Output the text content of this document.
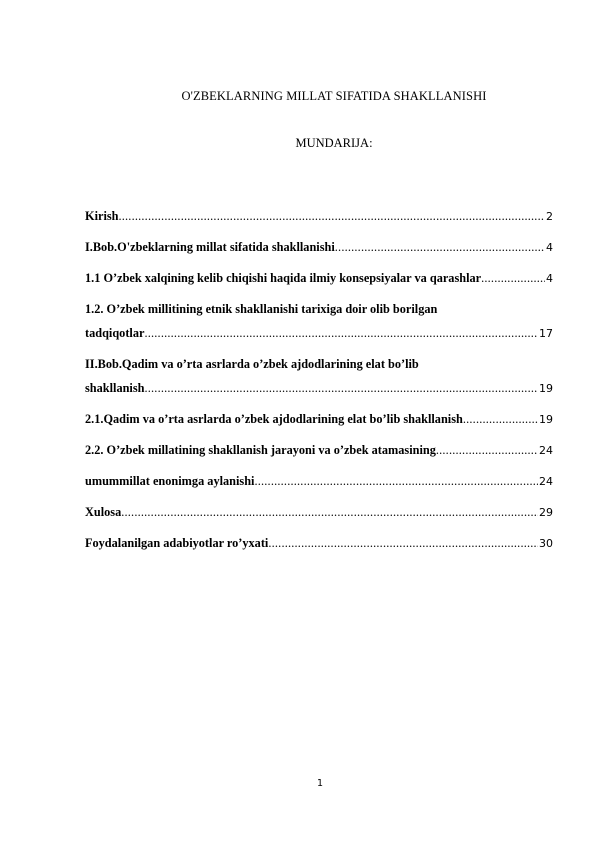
O'ZBEKLARNING MILLAT SIFATIDA SHAKLLANISHI
MUNDARIJA:
Kirish .....	2
I.Bob.O'zbeklarning millat sifatida shakllanishi .....	4
1.1 O’zbek xalqining kelib chiqishi haqida ilmiy konsepsiyalar va qarashlar .....	4
1.2. O’zbek millitining etnik shakllanishi tarixiga doir olib borilgan
tadqiqotlar .....	17
II.Bob.Qadim va o’rta asrlarda o’zbek ajdodlarining elat bo’lib
shakllanish .....	19
2.1.Qadim va o’rta asrlarda o’zbek ajdodlarining elat bo’lib shakllanish .....	19
2.2. O’zbek millatining shakllanish jarayoni va o’zbek atamasining .....	24
umummillat enonimga aylanishi .....	24
Xulosa .....	29
Foydalanilgan adabiyotlar ro’yxati .....	30
1
